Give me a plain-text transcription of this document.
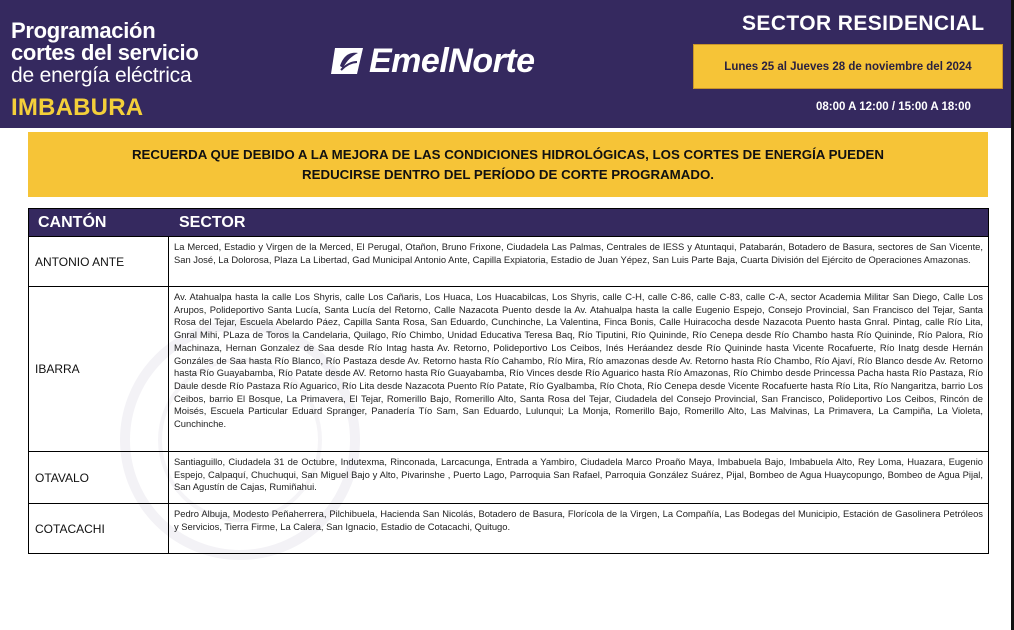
Programación
cortes del servicio
de energía eléctrica
IMBABURA
EmelNorte
SECTOR RESIDENCIAL
Lunes 25 al Jueves 28 de noviembre del 2024
08:00 A 12:00 / 15:00 A 18:00
RECUERDA QUE DEBIDO A LA MEJORA DE LAS CONDICIONES HIDROLÓGICAS, LOS CORTES DE ENERGÍA PUEDEN REDUCIRSE DENTRO DEL PERÍODO DE CORTE PROGRAMADO.
CANTÓN	SECTOR
ANTONIO ANTE
La Merced, Estadio y Virgen de la Merced, El Perugal, Otañon, Bruno Frixone, Ciudadela Las Palmas, Centrales de IESS y Atuntaqui, Patabarán, Botadero de Basura, sectores de San Vicente, San José, La Dolorosa, Plaza La Libertad, Gad Municipal Antonio Ante, Capilla Expiatoria, Estadio de Juan Yépez, San Luis Parte Baja, Cuarta División del Ejército de Operaciones Amazonas.
IBARRA
Av. Atahualpa hasta la calle Los Shyris, calle Los Cañaris, Los Huaca, Los Huacabilcas, Los Shyris, calle C-H, calle C-86, calle C-83, calle C-A, sector Academia Militar San Diego, Calle Los Arupos, Polideportivo Santa Lucía, Santa Lucía del Retorno, Calle Nazacota Puento desde la Av. Atahualpa hasta la calle Eugenio Espejo, Consejo Provincial, San Francisco del Tejar, Santa Rosa del Tejar, Escuela Abelardo Páez, Capilla Santa Rosa, San Eduardo, Cunchinche, La Valentina, Finca Bonis, Calle Huiracocha desde Nazacota Puento hasta Gnral. Pintag, calle Río Lita, Gnral Mihi, PLaza de Toros la Candelaria, Quilago, Río Chimbo, Unidad Educativa Teresa Baq, Río Tiputini, Río Quininde, Río Cenepa desde Río Chambo hasta Río Quininde, Río Palora, Río Machinaza, Hernan Gonzalez de Saa desde Río Intag hasta Av. Retorno, Polideportivo Los Ceibos, Inés Heráandez desde Río Quininde hasta Vicente Rocafuerte, Río Inatg desde Hernán Gonzáles de Saa hasta Río Blanco, Río Pastaza desde Av. Retorno hasta Río Cahambo, Río Mira, Río amazonas desde Av. Retorno hasta Río Chambo, Río Ajaví, Río Blanco desde Av. Retorno hasta Río Guayabamba, Río Patate desde AV. Retorno hasta Río Guayabamba, Río Vinces desde Río Aguarico hasta Río Amazonas, Río Chimbo desde Princessa Pacha hasta Río Pastaza, Río Daule desde Río Pastaza Río Aguarico, Río Lita desde Nazacota Puento Río Patate, Río Gyalbamba, Río Chota, Río Cenepa desde Vicente Rocafuerte hasta Río Lita, Río Nangaritza, barrio Los Ceibos, barrio El Bosque, La Primavera, El Tejar, Romerillo Bajo, Romerillo Alto, Santa Rosa del Tejar, Ciudadela del Consejo Provincial, San Francisco, Polideportivo Los Ceibos, Rincón de Moisés, Escuela Particular Eduard Spranger, Panadería Tío Sam, San Eduardo, Lulunqui; La Monja, Romerillo Bajo, Romerillo Alto, Las Malvinas, La Primavera, La Campiña, La Violeta, Cunchinche.
OTAVALO
Santiaguillo, Ciudadela 31 de Octubre, Indutexma, Rinconada, Larcacunga, Entrada a Yambiro, Ciudadela Marco Proaño Maya, Imbabuela Bajo, Imbabuela Alto, Rey Loma, Huazara, Eugenio Espejo, Calpaquí, Chuchuqui, San Miguel Bajo y Alto, Pivarinshe , Puerto Lago, Parroquia San Rafael, Parroquia González Suárez, Pijal, Bombeo de Agua Huaycopungo, Bombeo de Agua Pijal, San Agustín de Cajas, Rumiñahui.
COTACACHI
Pedro Albuja, Modesto Peñaherrera, Pilchibuela, Hacienda San Nicolás, Botadero de Basura, Florícola de la Virgen, La Compañía, Las Bodegas del Municipio, Estación de Gasolinera Petróleos y Servicios, Tierra Firme, La Calera, San Ignacio, Estadio de Cotacachi, Quitugo.
